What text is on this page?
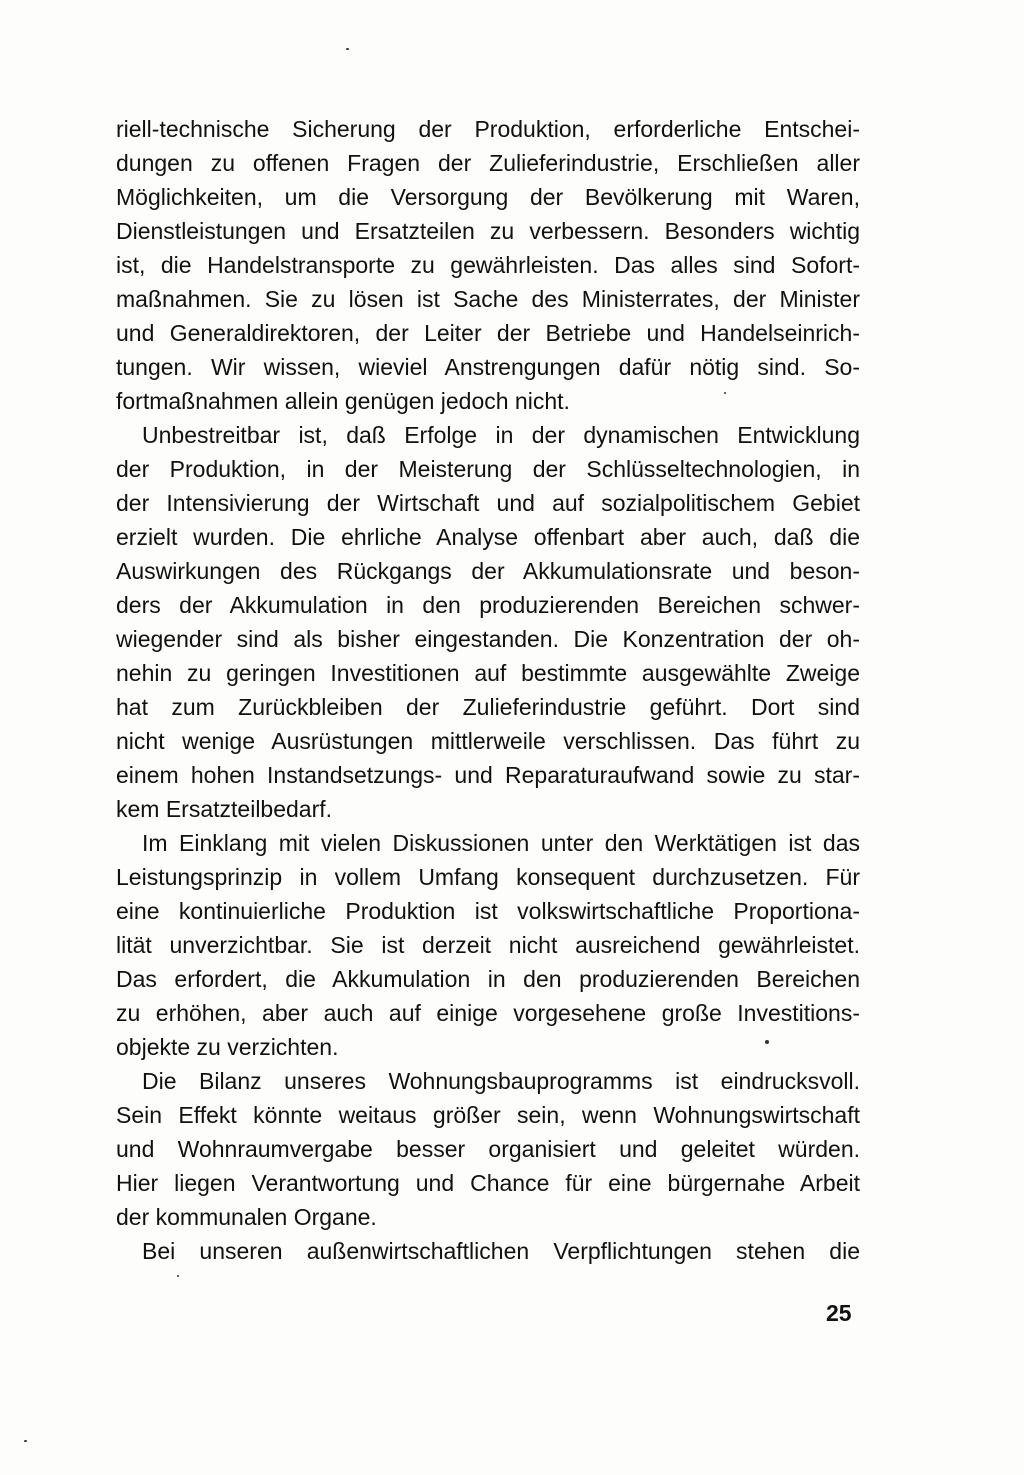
riell-technische Sicherung der Produktion, erforderliche Entschei-
dungen zu offenen Fragen der Zulieferindustrie, Erschließen aller
Möglichkeiten, um die Versorgung der Bevölkerung mit Waren,
Dienstleistungen und Ersatzteilen zu verbessern. Besonders wichtig
ist, die Handelstransporte zu gewährleisten. Das alles sind Sofort-
maßnahmen. Sie zu lösen ist Sache des Ministerrates, der Minister
und Generaldirektoren, der Leiter der Betriebe und Handelseinrich-
tungen. Wir wissen, wieviel Anstrengungen dafür nötig sind. So-
fortmaßnahmen allein genügen jedoch nicht.
Unbestreitbar ist, daß Erfolge in der dynamischen Entwicklung
der Produktion, in der Meisterung der Schlüsseltechnologien, in
der Intensivierung der Wirtschaft und auf sozialpolitischem Gebiet
erzielt wurden. Die ehrliche Analyse offenbart aber auch, daß die
Auswirkungen des Rückgangs der Akkumulationsrate und beson-
ders der Akkumulation in den produzierenden Bereichen schwer-
wiegender sind als bisher eingestanden. Die Konzentration der oh-
nehin zu geringen Investitionen auf bestimmte ausgewählte Zweige
hat zum Zurückbleiben der Zulieferindustrie geführt. Dort sind
nicht wenige Ausrüstungen mittlerweile verschlissen. Das führt zu
einem hohen Instandsetzungs- und Reparaturaufwand sowie zu star-
kem Ersatzteilbedarf.
Im Einklang mit vielen Diskussionen unter den Werktätigen ist das
Leistungsprinzip in vollem Umfang konsequent durchzusetzen. Für
eine kontinuierliche Produktion ist volkswirtschaftliche Proportiona-
lität unverzichtbar. Sie ist derzeit nicht ausreichend gewährleistet.
Das erfordert, die Akkumulation in den produzierenden Bereichen
zu erhöhen, aber auch auf einige vorgesehene große Investitions-
objekte zu verzichten.
Die Bilanz unseres Wohnungsbauprogramms ist eindrucksvoll.
Sein Effekt könnte weitaus größer sein, wenn Wohnungswirtschaft
und Wohnraumvergabe besser organisiert und geleitet würden.
Hier liegen Verantwortung und Chance für eine bürgernahe Arbeit
der kommunalen Organe.
Bei unseren außenwirtschaftlichen Verpflichtungen stehen die
25
